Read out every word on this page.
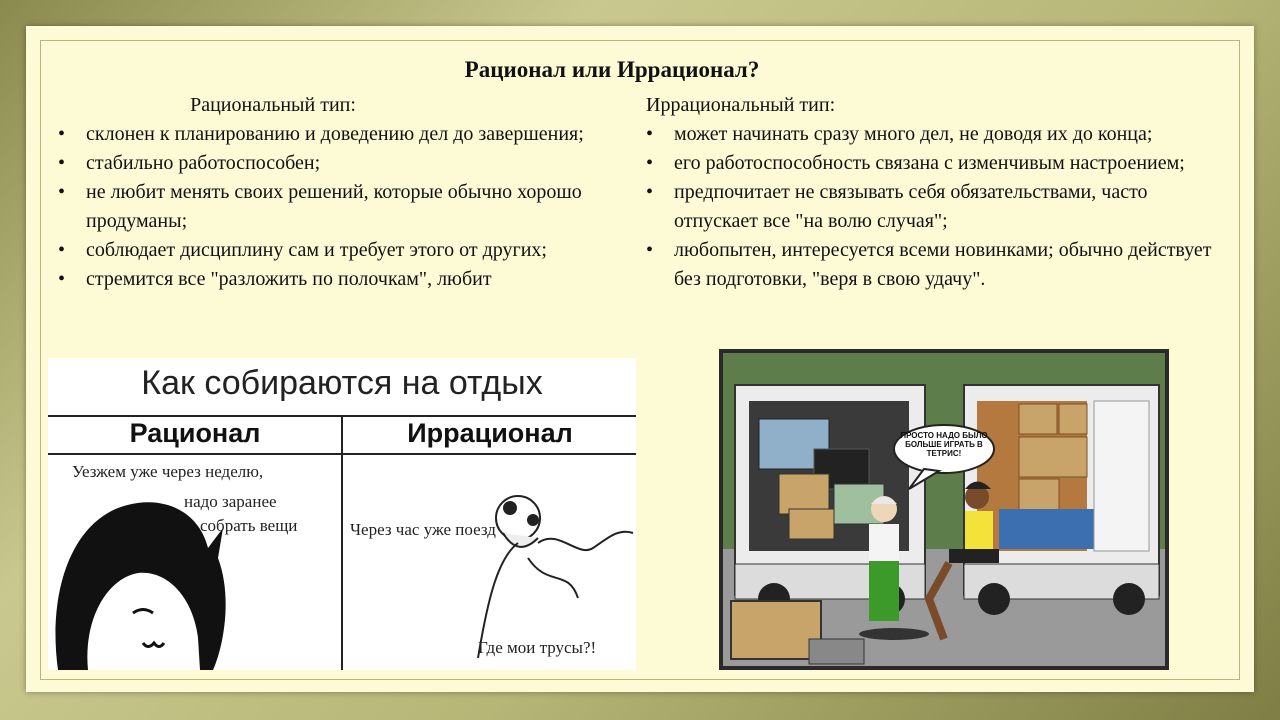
Рационал или Иррационал?
Рациональный тип:
• склонен к планированию и доведению дел до завершения;
• стабильно работоспособен;
• не любит менять своих решений, которые обычно хорошо продуманы;
• соблюдает дисциплину сам и требует этого от других;
• стремится все "разложить по полочкам", любит
Иррациональный тип:
• может начинать сразу много дел, не доводя их до конца;
• его работоспособность связана с изменчивым настроением;
• предпочитает не связывать себя обязательствами, часто отпускает все "на волю случая";
• любопытен, интересуется всеми новинками; обычно действует без подготовки, "веря в свою удачу".
Как собираются на отдых
Рационал	Иррационал
Уезжем уже через неделю,
надо заранее
собрать вещи	Через час уже поезд
Где мои трусы?!
ПРОСТО НАДО БЫЛО БОЛЬШЕ ИГРАТЬ В ТЕТРИС!
